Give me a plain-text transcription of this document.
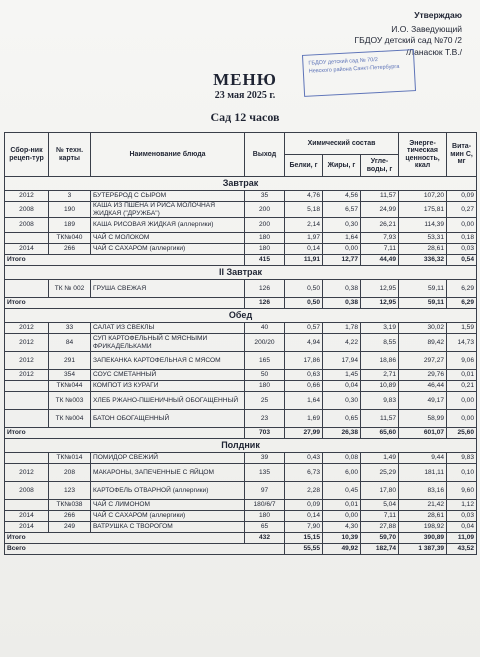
Утверждаю
И.О. Заведующий
ГБДОУ детский сад №70 /2
/Ланасюк Т.В./
ГБДОУ детский сад № 70/2
Невского района Санкт-Петербурга
МЕНЮ
23 мая 2025 г.
Сад 12 часов
Сбор-ник рецеп-тур	№ техн. карты	Наименование блюда	Выход	Химический состав			Энерге-тическая ценность, ккал	Вита-мин С, мг
				Белки, г	Жиры, г	Угле-воды, г		
Завтрак								
2012	3	БУТЕРБРОД С СЫРОМ	35	4,76	4,56	11,57	107,20	0,09
2008	190	КАША ИЗ ПШЕНА И РИСА МОЛОЧНАЯ ЖИДКАЯ ("ДРУЖБА")	200	5,18	6,57	24,99	175,81	0,27
2008	189	КАША РИСОВАЯ ЖИДКАЯ (аллергики)	200	2,14	0,30	26,21	114,39	0,00
	ТК№040	ЧАЙ С МОЛОКОМ	180	1,97	1,64	7,93	53,31	0,18
2014	266	ЧАЙ С САХАРОМ (аллергики)	180	0,14	0,00	7,11	28,61	0,03
Итого			415	11,91	12,77	44,49	336,32	0,54
II Завтрак								
	ТК № 002	ГРУША СВЕЖАЯ	126	0,50	0,38	12,95	59,11	6,29
Итого			126	0,50	0,38	12,95	59,11	6,29
Обед								
2012	33	САЛАТ ИЗ СВЕКЛЫ	40	0,57	1,78	3,19	30,02	1,59
2012	84	СУП КАРТОФЕЛЬНЫЙ С МЯСНЫМИ ФРИКАДЕЛЬКАМИ	200/20	4,94	4,22	8,55	89,42	14,73
2012	291	ЗАПЕКАНКА КАРТОФЕЛЬНАЯ С МЯСОМ	165	17,86	17,94	18,86	297,27	9,06
2012	354	СОУС СМЕТАННЫЙ	50	0,63	1,45	2,71	29,76	0,01
	ТК№044	КОМПОТ ИЗ КУРАГИ	180	0,66	0,04	10,89	46,44	0,21
	ТК №003	ХЛЕБ РЖАНО-ПШЕНИЧНЫЙ ОБОГАЩЕННЫЙ	25	1,64	0,30	9,83	49,17	0,00
	ТК №004	БАТОН ОБОГАЩЕННЫЙ	23	1,69	0,65	11,57	58,99	0,00
Итого			703	27,99	26,38	65,60	601,07	25,60
Полдник								
	ТК№014	ПОМИДОР СВЕЖИЙ	39	0,43	0,08	1,49	9,44	9,83
2012	208	МАКАРОНЫ, ЗАПЕЧЕННЫЕ С ЯЙЦОМ	135	6,73	6,00	25,29	181,11	0,10
2008	123	КАРТОФЕЛЬ ОТВАРНОЙ (аллергики)	97	2,28	0,45	17,80	83,16	9,60
	ТК№038	ЧАЙ С ЛИМОНОМ	180/6/7	0,09	0,01	5,04	21,42	1,12
2014	266	ЧАЙ С САХАРОМ (аллергики)	180	0,14	0,00	7,11	28,61	0,03
2014	249	ВАТРУШКА С ТВОРОГОМ	65	7,90	4,30	27,88	198,92	0,04
Итого			432	15,15	10,39	59,70	390,89	11,09
Всего				55,55	49,92	182,74	1 387,39	43,52
